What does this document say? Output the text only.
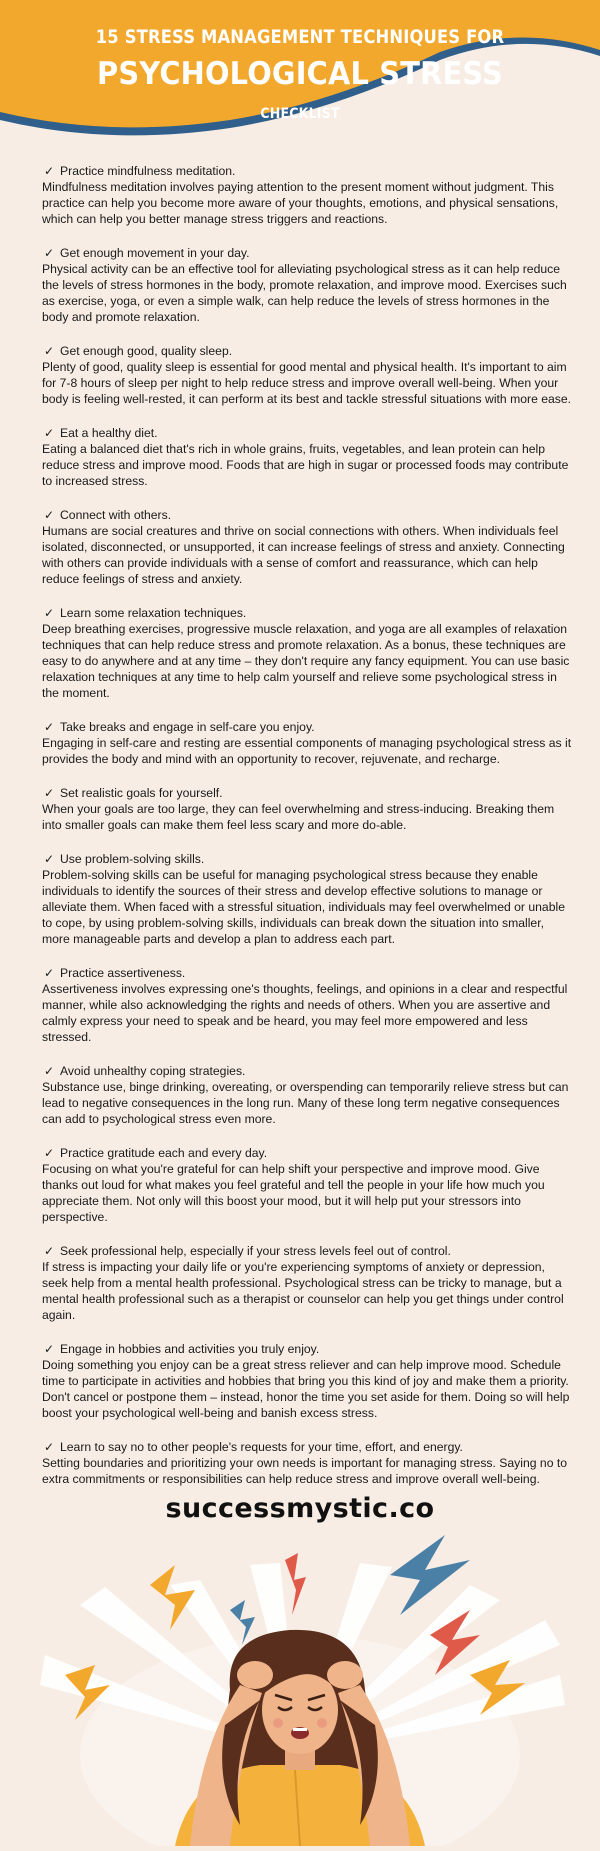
15 STRESS MANAGEMENT TECHNIQUES FOR
PSYCHOLOGICAL STRESS
CHECKLIST
✓ Practice mindfulness meditation.

Mindfulness meditation involves paying attention to the present moment without judgment. This practice can help you become more aware of your thoughts, emotions, and physical sensations, which can help you better manage stress triggers and reactions.

✓ Get enough movement in your day.

Physical activity can be an effective tool for alleviating psychological stress as it can help reduce the levels of stress hormones in the body, promote relaxation, and improve mood. Exercises such as exercise, yoga, or even a simple walk, can help reduce the levels of stress hormones in the body and promote relaxation.

✓ Get enough good, quality sleep.

Plenty of good, quality sleep is essential for good mental and physical health. It's important to aim for 7-8 hours of sleep per night to help reduce stress and improve overall well-being. When your body is feeling well-rested, it can perform at its best and tackle stressful situations with more ease.

✓ Eat a healthy diet.

Eating a balanced diet that's rich in whole grains, fruits, vegetables, and lean protein can help reduce stress and improve mood. Foods that are high in sugar or processed foods may contribute to increased stress.

✓ Connect with others.

Humans are social creatures and thrive on social connections with others. When individuals feel isolated, disconnected, or unsupported, it can increase feelings of stress and anxiety. Connecting with others can provide individuals with a sense of comfort and reassurance, which can help reduce feelings of stress and anxiety.

✓ Learn some relaxation techniques.

Deep breathing exercises, progressive muscle relaxation, and yoga are all examples of relaxation techniques that can help reduce stress and promote relaxation. As a bonus, these techniques are easy to do anywhere and at any time – they don't require any fancy equipment. You can use basic relaxation techniques at any time to help calm yourself and relieve some psychological stress in the moment.

✓ Take breaks and engage in self-care you enjoy.

Engaging in self-care and resting are essential components of managing psychological stress as it provides the body and mind with an opportunity to recover, rejuvenate, and recharge.

✓ Set realistic goals for yourself.

When your goals are too large, they can feel overwhelming and stress-inducing. Breaking them into smaller goals can make them feel less scary and more do-able.

✓ Use problem-solving skills.

Problem-solving skills can be useful for managing psychological stress because they enable individuals to identify the sources of their stress and develop effective solutions to manage or alleviate them. When faced with a stressful situation, individuals may feel overwhelmed or unable to cope, by using problem-solving skills, individuals can break down the situation into smaller, more manageable parts and develop a plan to address each part.

✓ Practice assertiveness.

Assertiveness involves expressing one's thoughts, feelings, and opinions in a clear and respectful manner, while also acknowledging the rights and needs of others. When you are assertive and calmly express your need to speak and be heard, you may feel more empowered and less stressed.

✓ Avoid unhealthy coping strategies.

Substance use, binge drinking, overeating, or overspending can temporarily relieve stress but can lead to negative consequences in the long run. Many of these long term negative consequences can add to psychological stress even more.

✓ Practice gratitude each and every day.

Focusing on what you're grateful for can help shift your perspective and improve mood. Give thanks out loud for what makes you feel grateful and tell the people in your life how much you appreciate them. Not only will this boost your mood, but it will help put your stressors into perspective.

✓ Seek professional help, especially if your stress levels feel out of control.

If stress is impacting your daily life or you're experiencing symptoms of anxiety or depression, seek help from a mental health professional. Psychological stress can be tricky to manage, but a mental health professional such as a therapist or counselor can help you get things under control again.

✓ Engage in hobbies and activities you truly enjoy.

Doing something you enjoy can be a great stress reliever and can help improve mood. Schedule time to participate in activities and hobbies that bring you this kind of joy and make them a priority. Don't cancel or postpone them – instead, honor the time you set aside for them. Doing so will help boost your psychological well-being and banish excess stress.

✓ Learn to say no to other people's requests for your time, effort, and energy.

Setting boundaries and prioritizing your own needs is important for managing stress. Saying no to extra commitments or responsibilities can help reduce stress and improve overall well-being.

successmystic.co
